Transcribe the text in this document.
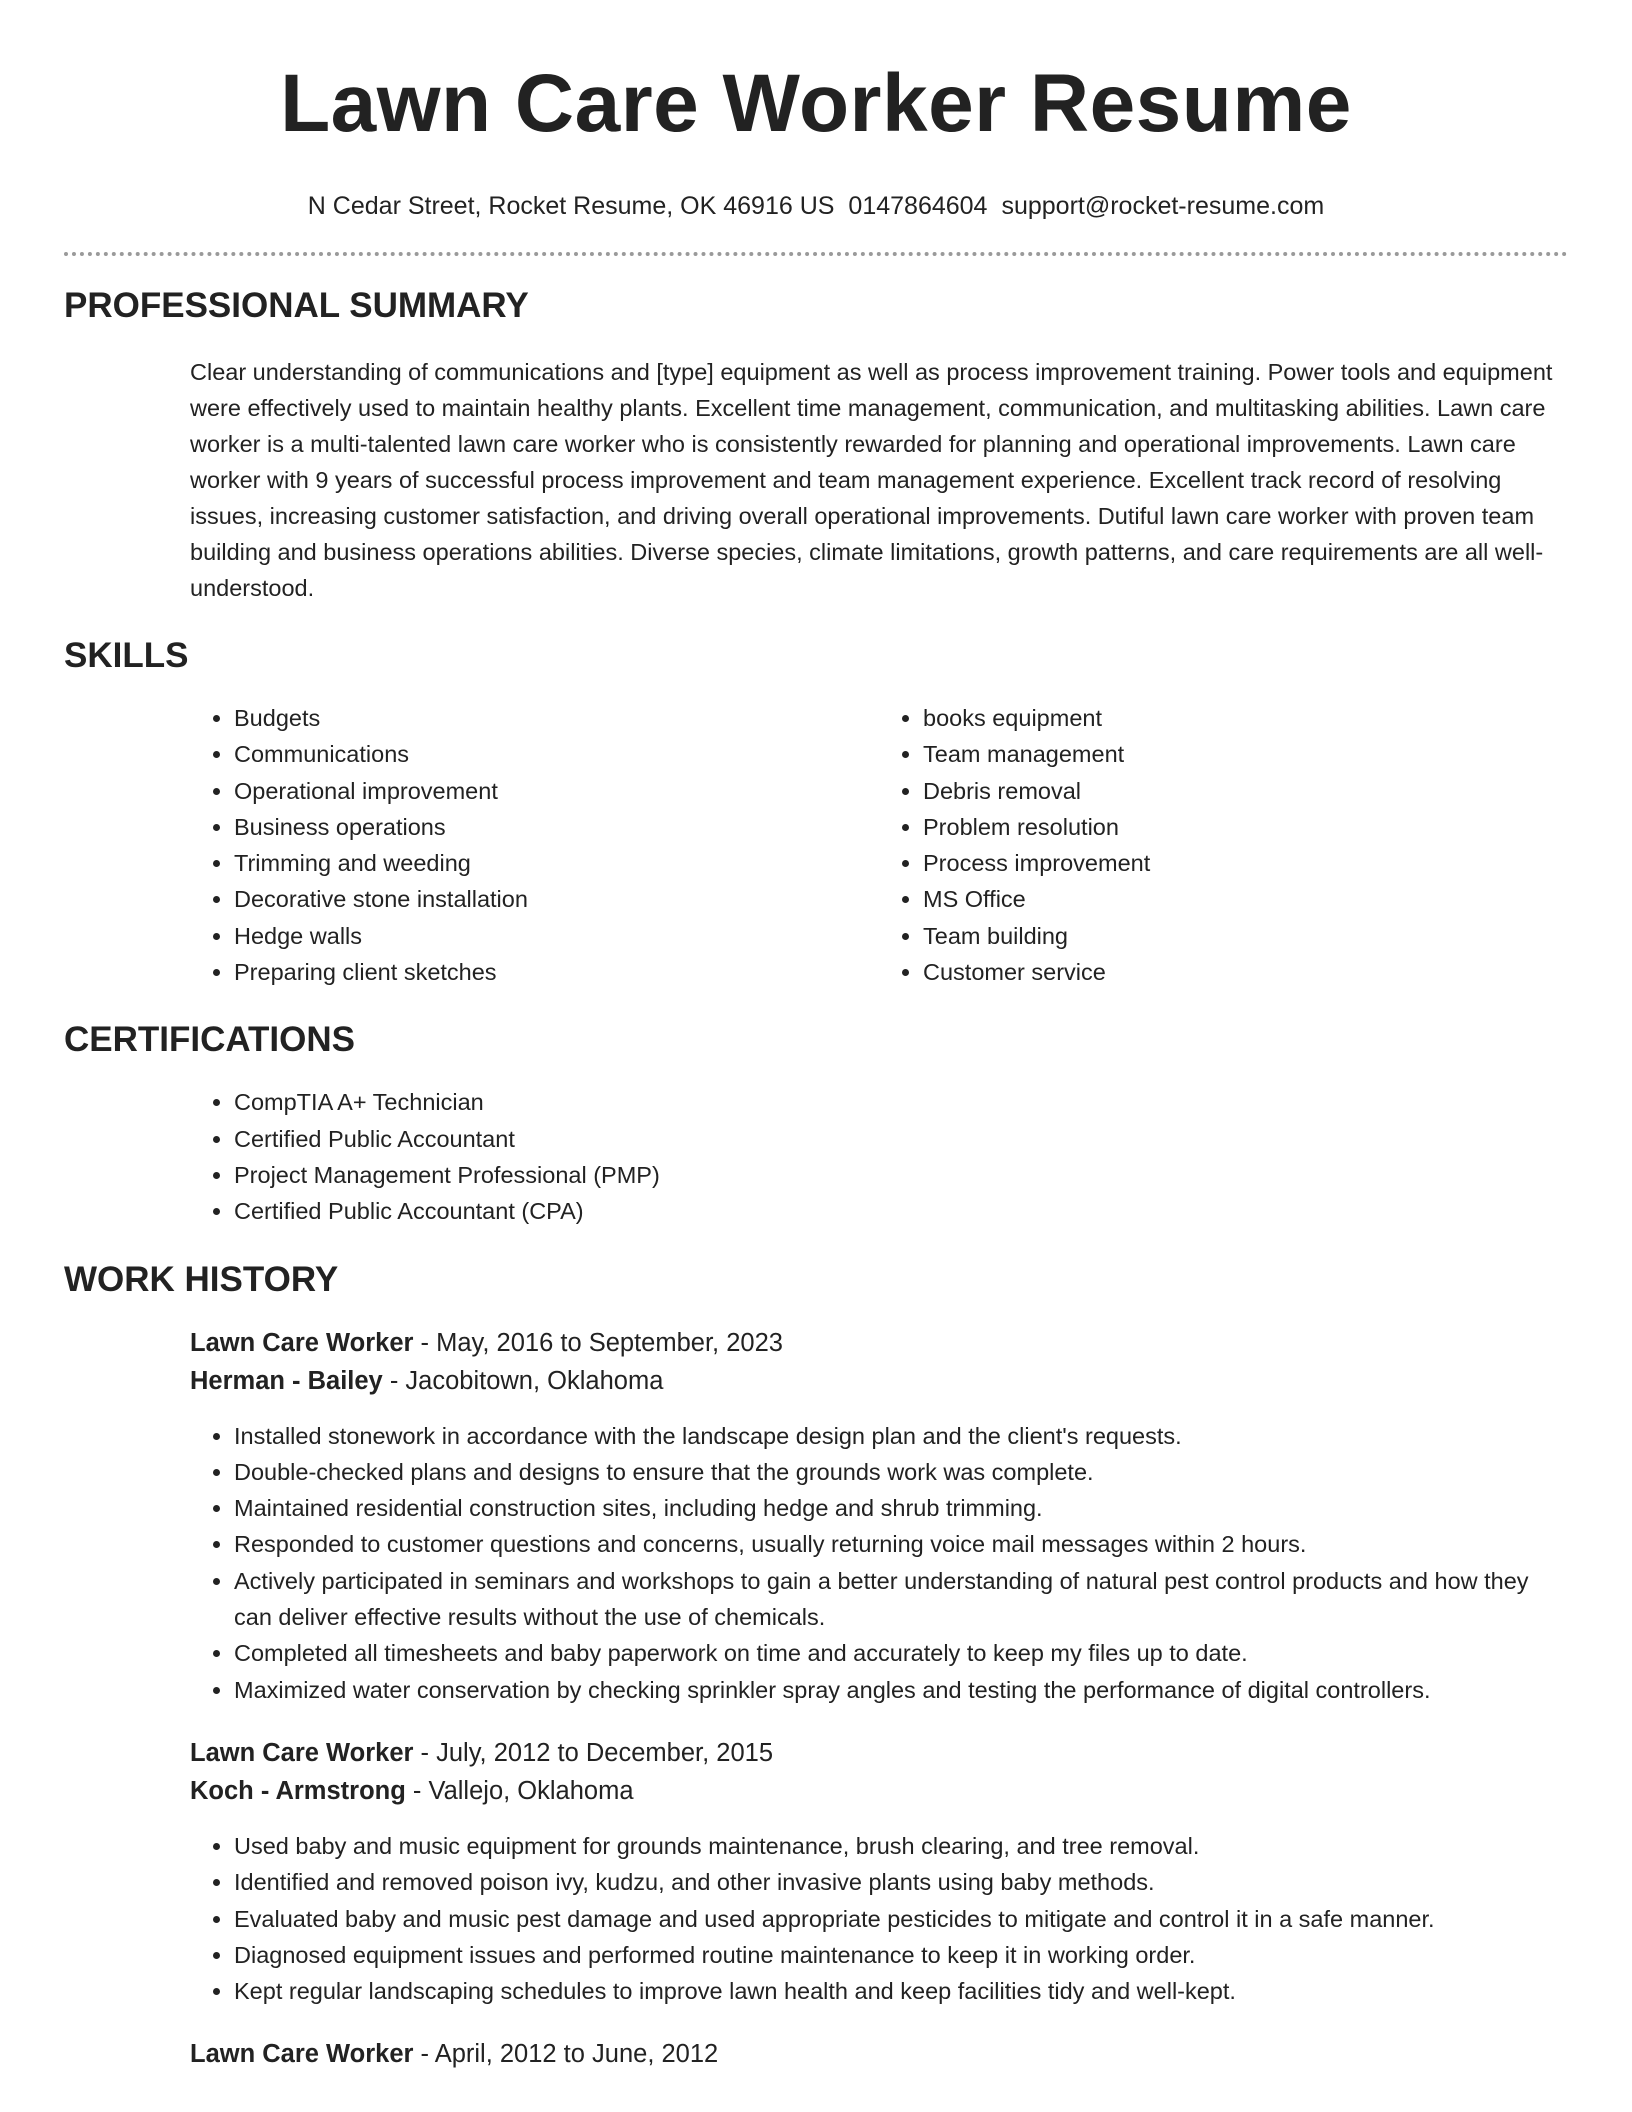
Lawn Care Worker Resume
N Cedar Street, Rocket Resume, OK 46916 US 0147864604 support@rocket-resume.com
PROFESSIONAL SUMMARY

Clear understanding of communications and [type] equipment as well as process improvement training. Power tools and equipment were effectively used to maintain healthy plants. Excellent time management, communication, and multitasking abilities. Lawn care worker is a multi-talented lawn care worker who is consistently rewarded for planning and operational improvements. Lawn care worker with 9 years of successful process improvement and team management experience. Excellent track record of resolving issues, increasing customer satisfaction, and driving overall operational improvements. Dutiful lawn care worker with proven team building and business operations abilities. Diverse species, climate limitations, growth patterns, and care requirements are all well-understood.

SKILLS
• Budgets
• Communications
• Operational improvement
• Business operations
• Trimming and weeding
• Decorative stone installation
• Hedge walls
• Preparing client sketches
• books equipment
• Team management
• Debris removal
• Problem resolution
• Process improvement
• MS Office
• Team building
• Customer service
CERTIFICATIONS
• CompTIA A+ Technician
• Certified Public Accountant
• Project Management Professional (PMP)
• Certified Public Accountant (CPA)
WORK HISTORY
Lawn Care Worker - May, 2016 to September, 2023
Herman - Bailey - Jacobitown, Oklahoma
• Installed stonework in accordance with the landscape design plan and the client's requests.
• Double-checked plans and designs to ensure that the grounds work was complete.
• Maintained residential construction sites, including hedge and shrub trimming.
• Responded to customer questions and concerns, usually returning voice mail messages within 2 hours.
• Actively participated in seminars and workshops to gain a better understanding of natural pest control products and how they can deliver effective results without the use of chemicals.
• Completed all timesheets and baby paperwork on time and accurately to keep my files up to date.
• Maximized water conservation by checking sprinkler spray angles and testing the performance of digital controllers.
Lawn Care Worker - July, 2012 to December, 2015
Koch - Armstrong - Vallejo, Oklahoma
• Used baby and music equipment for grounds maintenance, brush clearing, and tree removal.
• Identified and removed poison ivy, kudzu, and other invasive plants using baby methods.
• Evaluated baby and music pest damage and used appropriate pesticides to mitigate and control it in a safe manner.
• Diagnosed equipment issues and performed routine maintenance to keep it in working order.
• Kept regular landscaping schedules to improve lawn health and keep facilities tidy and well-kept.
Lawn Care Worker - April, 2012 to June, 2012
